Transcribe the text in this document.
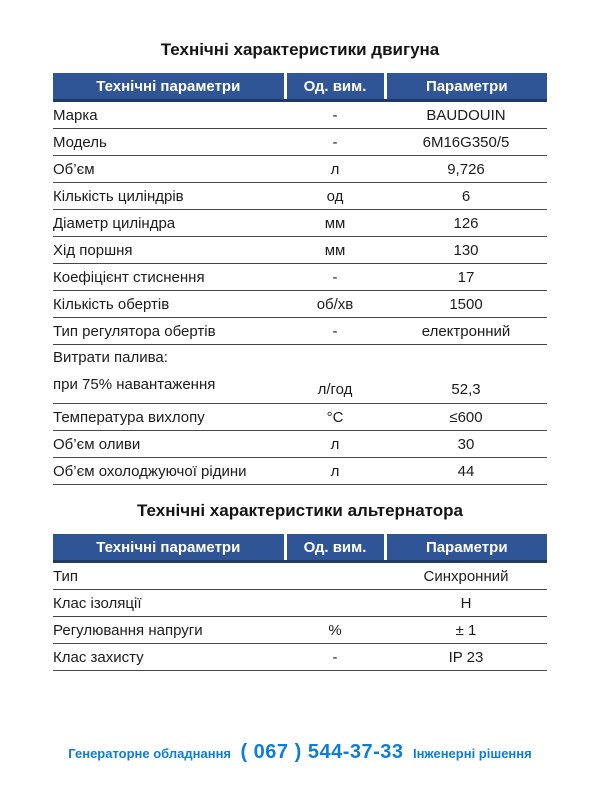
Технічні характеристики двигуна
Технічні параметри	Од. вим.	Параметри
Марка	-	BAUDOUIN
Модель	-	6M16G350/5
Об’єм	л	9,726
Кількість циліндрів	од	6
Діаметр циліндра	мм	126
Хід поршня	мм	130
Коефіцієнт стиснення	-	17
Кількість обертів	об/хв	1500
Тип регулятора обертів	-	електронний

Витрати палива:
при 75% навантаження	л/год	52,3
Температура вихлопу	°С	≤600
Об’єм оливи	л	30
Об’єм охолоджуючої рідини	л	44
Технічні характеристики альтернатора
Технічні параметри	Од. вим.	Параметри
Тип		Синхронний
Клас ізоляції		Н
Регулювання напруги	%	± 1
Клас захисту	-	IP 23
Генераторне обладнання ( 067 ) 544-37-33 Інженерні рішення
